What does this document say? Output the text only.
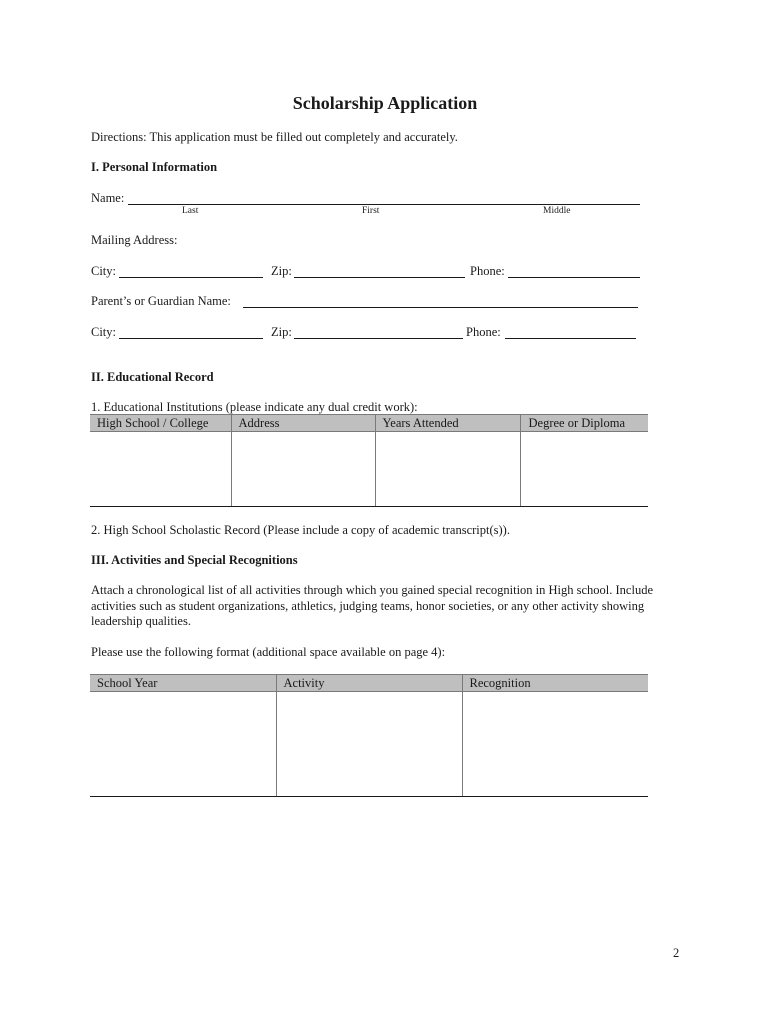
Scholarship Application
Directions: This application must be filled out completely and accurately.
I. Personal Information
Name:
Last	First	Middle
Mailing Address:
City:	Zip:	Phone:
Parent’s or Guardian Name:
City:	Zip:	Phone:
II. Educational Record
1. Educational Institutions (please indicate any dual credit work):
High School / College	Address	Years Attended	Degree or Diploma

2. High School Scholastic Record (Please include a copy of academic transcript(s)).
III. Activities and Special Recognitions
Attach a chronological list of all activities through which you gained special recognition in High school. Include activities such as student organizations, athletics, judging teams, honor societies, or any other activity showing leadership qualities.
Please use the following format (additional space available on page 4):
School Year	Activity	Recognition

2
